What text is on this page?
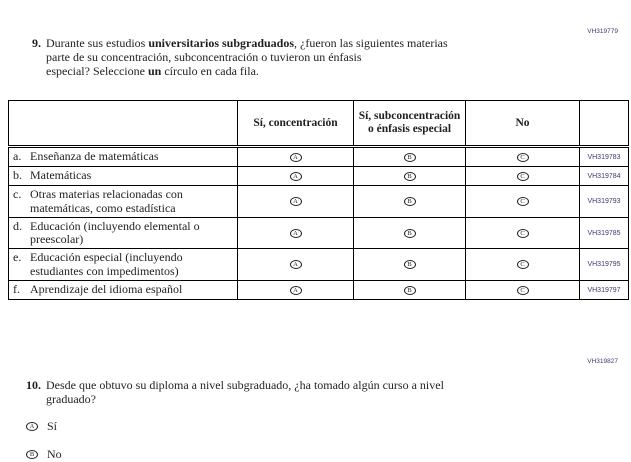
VH319779
9. Durante sus estudios universitarios subgraduados, ¿fueron las siguientes materias
parte de su concentración, subconcentración o tuvieron un énfasis
especial? Seleccione un círculo en cada fila.
	Sí, concentración	Sí, subconcentración o énfasis especial	No	

a. Enseñanza de matemáticas	A	B	C	VH319783

b. Matemáticas	A	B	C	VH319784

c. Otras materias relacionadas con matemáticas, como estadística	A	B	C	VH319793

d. Educación (incluyendo elemental o preescolar)	A	B	C	VH319785

e. Educación especial (incluyendo estudiantes con impedimentos)	A	B	C	VH319795

f. Aprendizaje del idioma español	A	B	C	VH319797
VH319827
10. Desde que obtuvo su diploma a nivel subgraduado, ¿ha tomado algún curso a nivel
graduado?
A	Sí
B	No
